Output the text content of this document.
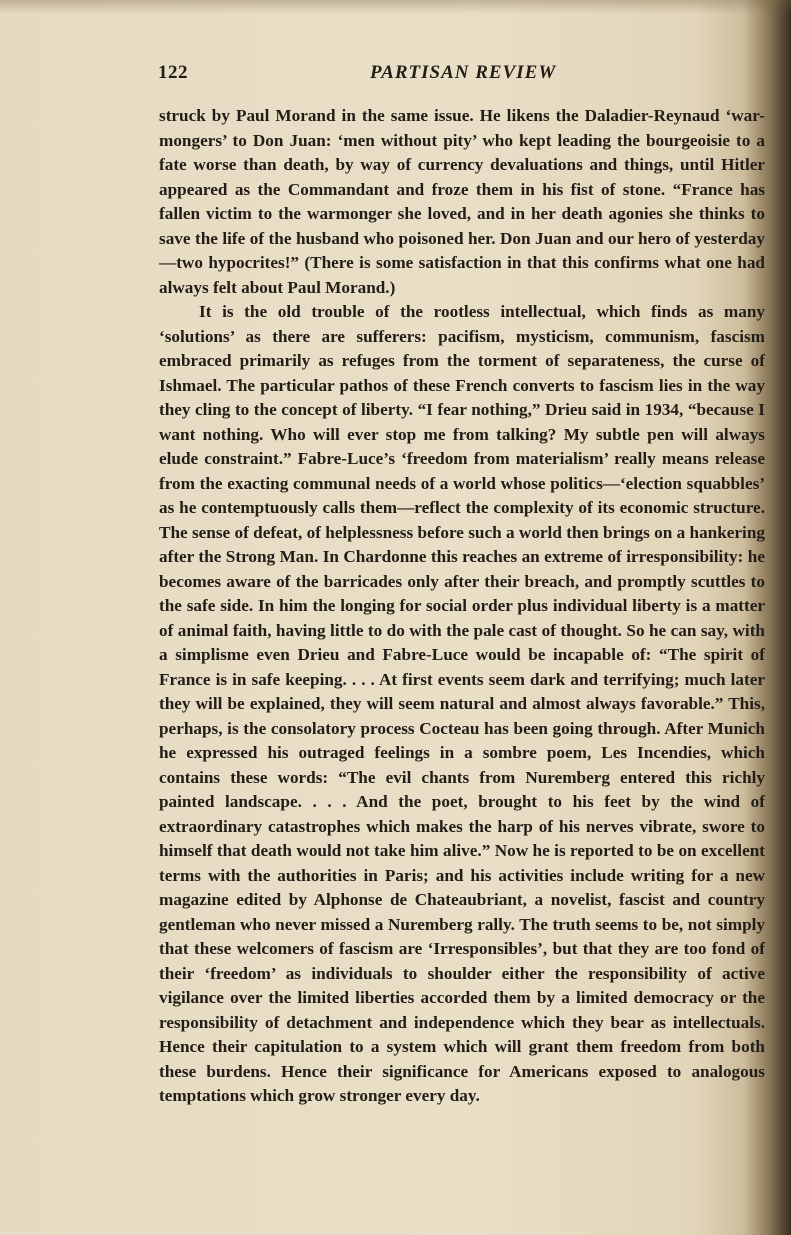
122	PARTISAN REVIEW

struck by Paul Morand in the same issue. He likens the Daladier-Reynaud ‘war-mongers’ to Don Juan: ‘men without pity’ who kept leading the bourgeoisie to a fate worse than death, by way of currency devaluations and things, until Hitler appeared as the Commandant and froze them in his fist of stone. “France has fallen victim to the warmonger she loved, and in her death agonies she thinks to save the life of the husband who poisoned her. Don Juan and our hero of yesterday—two hypocrites!” (There is some satisfaction in that this confirms what one had always felt about Paul Morand.)

It is the old trouble of the rootless intellectual, which finds as many ‘solutions’ as there are sufferers: pacifism, mysticism, communism, fascism embraced primarily as refuges from the torment of separateness, the curse of Ishmael. The particular pathos of these French converts to fascism lies in the way they cling to the concept of liberty. “I fear nothing,” Drieu said in 1934, “because I want nothing. Who will ever stop me from talking? My subtle pen will always elude constraint.” Fabre-Luce’s ‘freedom from materialism’ really means release from the exacting communal needs of a world whose politics—‘election squabbles’ as he contemptuously calls them—reflect the complexity of its economic structure. The sense of defeat, of helplessness before such a world then brings on a hankering after the Strong Man. In Chardonne this reaches an extreme of irresponsibility: he becomes aware of the barricades only after their breach, and promptly scuttles to the safe side. In him the longing for social order plus individual liberty is a matter of animal faith, having little to do with the pale cast of thought. So he can say, with a simplisme even Drieu and Fabre-Luce would be incapable of: “The spirit of France is in safe keeping. . . . At first events seem dark and terrifying; much later they will be explained, they will seem natural and almost always favorable.” This, perhaps, is the consolatory process Cocteau has been going through. After Munich he expressed his outraged feelings in a sombre poem, Les Incendies, which contains these words: “The evil chants from Nuremberg entered this richly painted landscape. . . . And the poet, brought to his feet by the wind of extraordinary catastrophes which makes the harp of his nerves vibrate, swore to himself that death would not take him alive.” Now he is reported to be on excellent terms with the authorities in Paris; and his activities include writing for a new magazine edited by Alphonse de Chateaubriant, a novelist, fascist and country gentleman who never missed a Nuremberg rally. The truth seems to be, not simply that these welcomers of fascism are ‘Irresponsibles’, but that they are too fond of their ‘freedom’ as individuals to shoulder either the responsibility of active vigilance over the limited liberties accorded them by a limited democracy or the responsibility of detachment and independence which they bear as intellectuals. Hence their capitulation to a system which will grant them freedom from both these burdens. Hence their significance for Americans exposed to analogous temptations which grow stronger every day.
